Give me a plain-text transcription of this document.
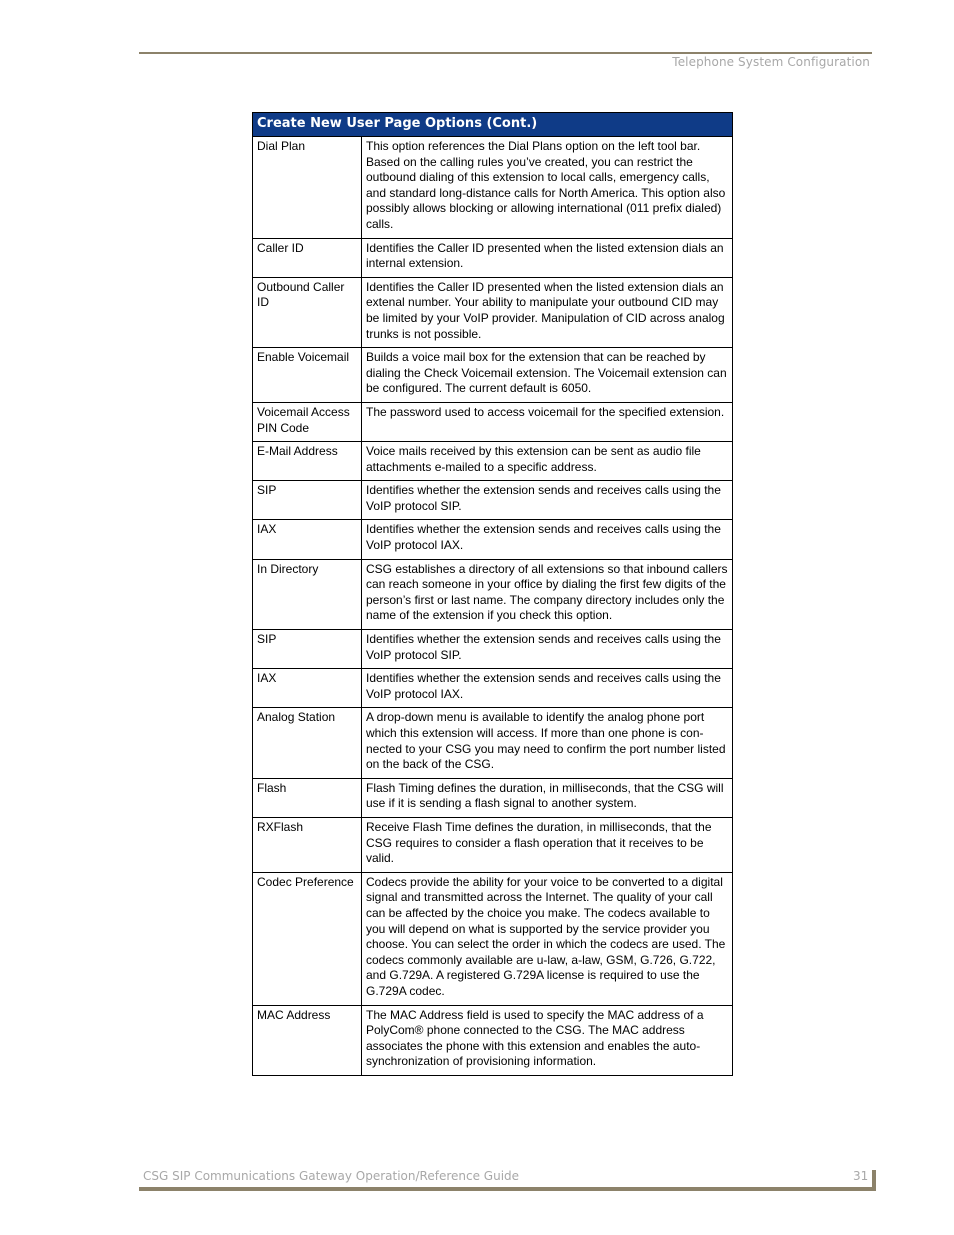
Telephone System Configuration
Create New User Page Options (Cont.)	
Dial Plan	This option references the Dial Plans option on the left tool bar. Based on the calling rules you’ve created, you can restrict the outbound dialing of this extension to local calls, emergency calls, and standard long-distance calls for North America. This option also possibly allows blocking or allowing international (011 prefix dialed) calls.
Caller ID	Identifies the Caller ID presented when the listed extension dials an internal extension.
Outbound Caller ID	Identifies the Caller ID presented when the listed extension dials an extenal number. Your ability to manipulate your outbound CID may be limited by your VoIP provider. Manipulation of CID across analog trunks is not possible.
Enable Voicemail	Builds a voice mail box for the extension that can be reached by dialing the Check Voicemail extension. The Voicemail extension can be configured. The current default is 6050.
Voicemail Access PIN Code	The password used to access voicemail for the specified extension.
E-Mail Address	Voice mails received by this extension can be sent as audio file attachments e-mailed to a specific address.
SIP	Identifies whether the extension sends and receives calls using the VoIP protocol SIP.
IAX	Identifies whether the extension sends and receives calls using the VoIP protocol IAX.
In Directory	CSG establishes a directory of all extensions so that inbound callers can reach someone in your office by dialing the first few digits of the person’s first or last name. The company directory includes only the name of the extension if you check this option.
SIP	Identifies whether the extension sends and receives calls using the VoIP protocol SIP.
IAX	Identifies whether the extension sends and receives calls using the VoIP protocol IAX.
Analog Station	A drop-down menu is available to identify the analog phone port which this extension will access. If more than one phone is con-nected to your CSG you may need to confirm the port number listed on the back of the CSG.
Flash	Flash Timing defines the duration, in milliseconds, that the CSG will use if it is sending a flash signal to another system.
RXFlash	Receive Flash Time defines the duration, in milliseconds, that the CSG requires to consider a flash operation that it receives to be valid.
Codec Preference	Codecs provide the ability for your voice to be converted to a digital signal and transmitted across the Internet. The quality of your call can be affected by the choice you make. The codecs available to you will depend on what is supported by the service provider you choose. You can select the order in which the codecs are used. The codecs commonly available are u-law, a-law, GSM, G.726, G.722, and G.729A. A registered G.729A license is required to use the G.729A codec.
MAC Address	The MAC Address field is used to specify the MAC address of a PolyCom® phone connected to the CSG. The MAC address associates the phone with this extension and enables the auto-synchronization of provisioning information.
CSG SIP Communications Gateway Operation/Reference Guide	31
